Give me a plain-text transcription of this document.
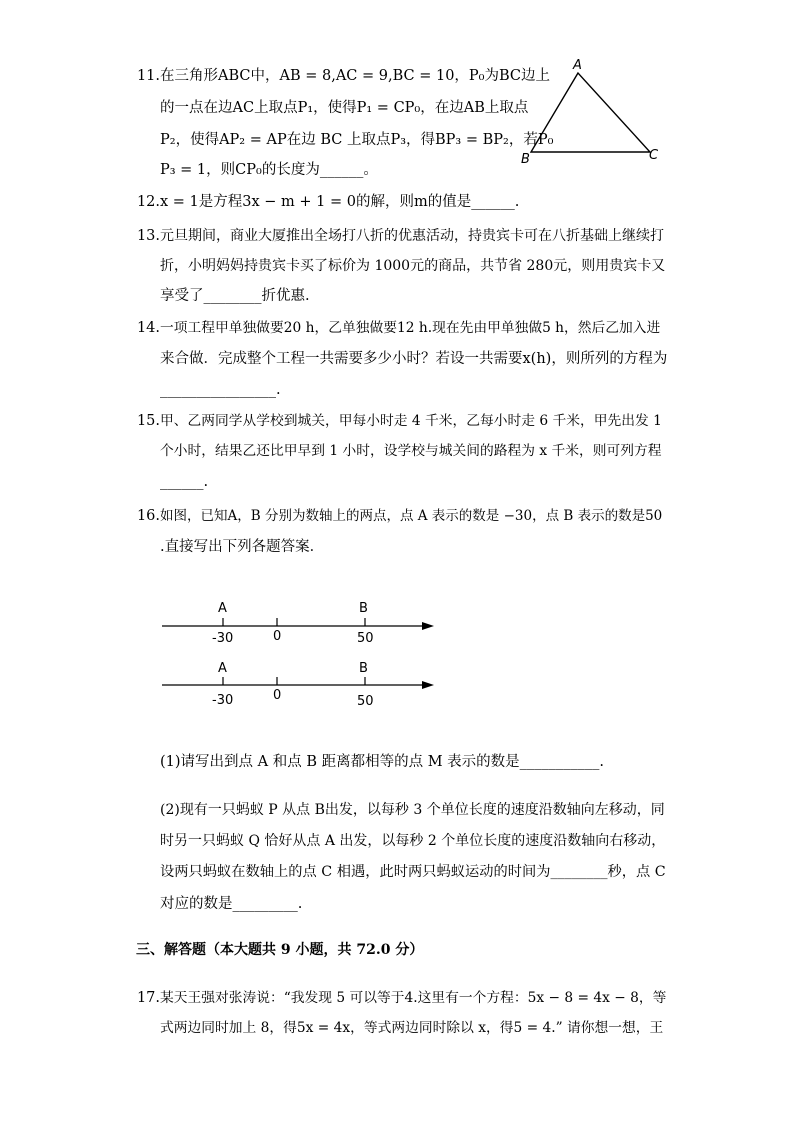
11. 在三角形ABC中，AB = 8,AC = 9,BC = 10，P₀为BC边上
的一点在边AC上取点P₁，使得P₁ = CP₀，在边AB上取点
P₂，使得AP₂ = AP在边 BC 上取点P₃，得BP₃ = BP₂，若P₀
P₃ = 1，则CP₀的长度为______。
A
B	C
12. x = 1是方程3x − m + 1 = 0的解，则m的值是______.
13. 元旦期间，商业大厦推出全场打八折的优惠活动，持贵宾卡可在八折基础上继续打
折，小明妈妈持贵宾卡买了标价为 1000元的商品，共节省 280元，则用贵宾卡又
享受了________折优惠.
14. 一项工程甲单独做要20 h，乙单独做要12 h.现在先由甲单独做5 h，然后乙加入进
来合做．完成整个工程一共需要多少小时？若设一共需要x(h)，则所列的方程为
________________.
15. 甲、乙两同学从学校到城关，甲每小时走 4 千米，乙每小时走 6 千米，甲先出发 1
个小时，结果乙还比甲早到 1 小时，设学校与城关间的路程为 x 千米，则可列方程
______.
16. 如图，已知A，B 分别为数轴上的两点，点 A 表示的数是 −30，点 B 表示的数是50
.直接写出下列各题答案．
A	B
-30	0	50
A	B
-30	0	50
(1)请写出到点 A 和点 B 距离都相等的点 M 表示的数是___________.
(2)现有一只蚂蚁 P 从点 B出发，以每秒 3 个单位长度的速度沿数轴向左移动，同
时另一只蚂蚁 Q 恰好从点 A 出发，以每秒 2 个单位长度的速度沿数轴向右移动，
设两只蚂蚁在数轴上的点 C 相遇，此时两只蚂蚁运动的时间为________秒，点 C
对应的数是_________.
三、解答题（本大题共 9 小题，共 72.0 分）
17. 某天王强对张涛说：“我发现 5 可以等于4.这里有一个方程：5x − 8 = 4x − 8，等
式两边同时加上 8，得5x = 4x，等式两边同时除以 x，得5 = 4.” 请你想一想，王
